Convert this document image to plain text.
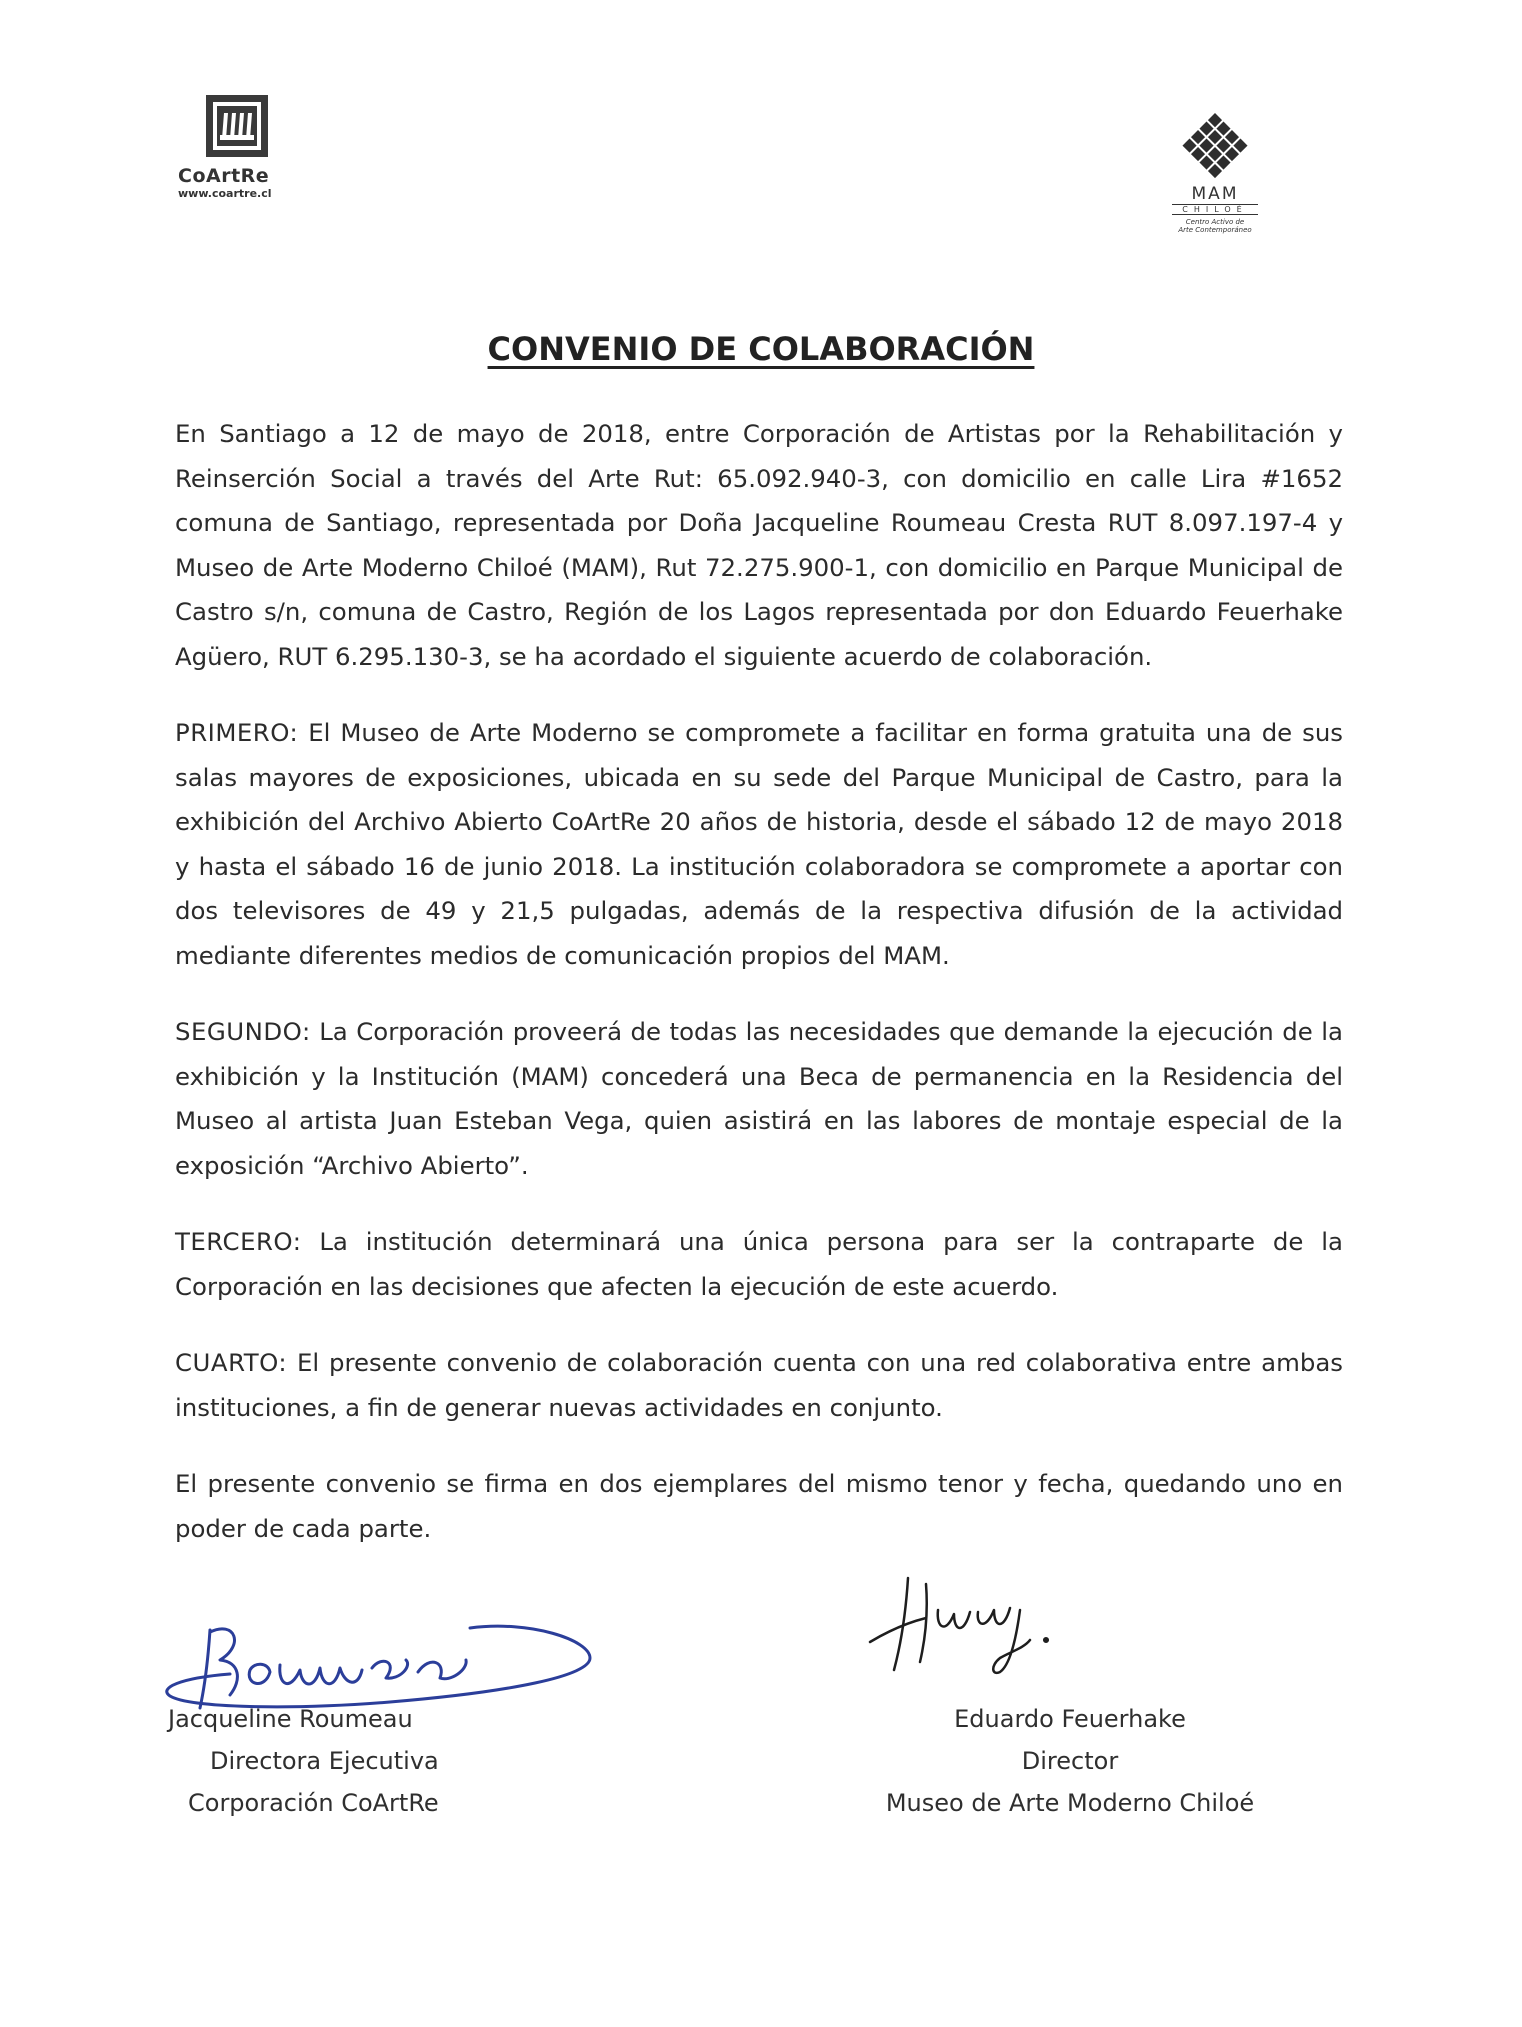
CoArtRe
www.coartre.cl	MAM
CHILOÉ
Centro Activo de
Arte Contemporáneo
CONVENIO DE COLABORACIÓN

En Santiago a 12 de mayo de 2018, entre Corporación de Artistas por la Rehabilitación y Reinserción Social a través del Arte Rut: 65.092.940-3, con domicilio en calle Lira #1652 comuna de Santiago, representada por Doña Jacqueline Roumeau Cresta RUT 8.097.197-4 y Museo de Arte Moderno Chiloé (MAM), Rut 72.275.900-1, con domicilio en Parque Municipal de Castro s/n, comuna de Castro, Región de los Lagos representada por don Eduardo Feuerhake Agüero, RUT 6.295.130-3, se ha acordado el siguiente acuerdo de colaboración.

PRIMERO: El Museo de Arte Moderno se compromete a facilitar en forma gratuita una de sus salas mayores de exposiciones, ubicada en su sede del Parque Municipal de Castro, para la exhibición del Archivo Abierto CoArtRe 20 años de historia, desde el sábado 12 de mayo 2018 y hasta el sábado 16 de junio 2018. La institución colaboradora se compromete a aportar con dos televisores de 49 y 21,5 pulgadas, además de la respectiva difusión de la actividad mediante diferentes medios de comunicación propios del MAM.

SEGUNDO: La Corporación proveerá de todas las necesidades que demande la ejecución de la exhibición y la Institución (MAM) concederá una Beca de permanencia en la Residencia del Museo al artista Juan Esteban Vega, quien asistirá en las labores de montaje especial de la exposición “Archivo Abierto”.

TERCERO: La institución determinará una única persona para ser la contraparte de la Corporación en las decisiones que afecten la ejecución de este acuerdo.

CUARTO: El presente convenio de colaboración cuenta con una red colaborativa entre ambas instituciones, a fin de generar nuevas actividades en conjunto.

El presente convenio se firma en dos ejemplares del mismo tenor y fecha, quedando uno en poder de cada parte.

Jacqueline Roumeau
Directora Ejecutiva
Corporación CoArtRe
Eduardo Feuerhake
Director
Museo de Arte Moderno Chiloé
